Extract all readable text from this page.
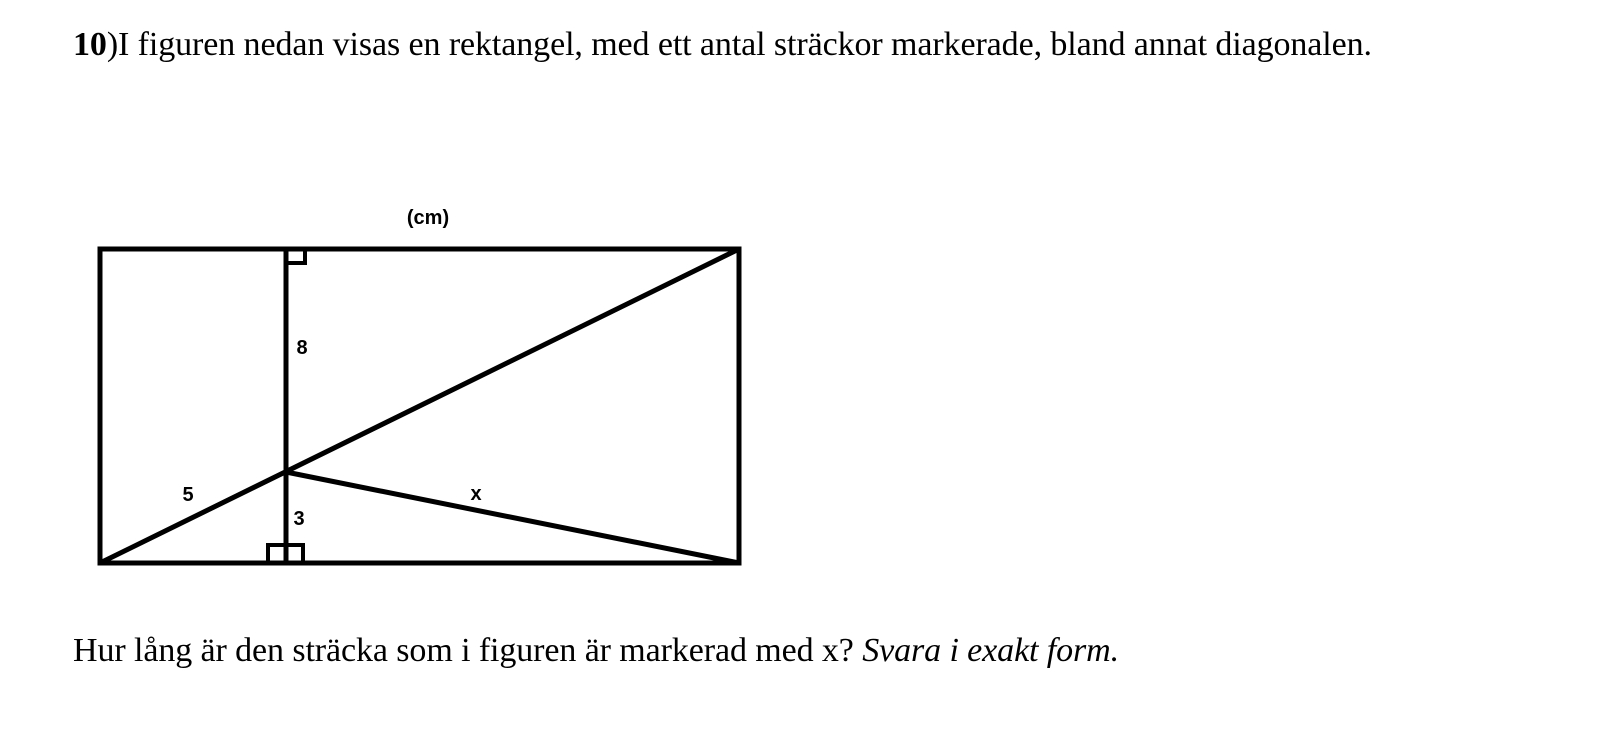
10)I figuren nedan visas en rektangel, med ett antal sträckor markerade, bland annat diagonalen.
(cm)
8
3
5	x
Hur lång är den sträcka som i figuren är markerad med x? Svara i exakt form.
